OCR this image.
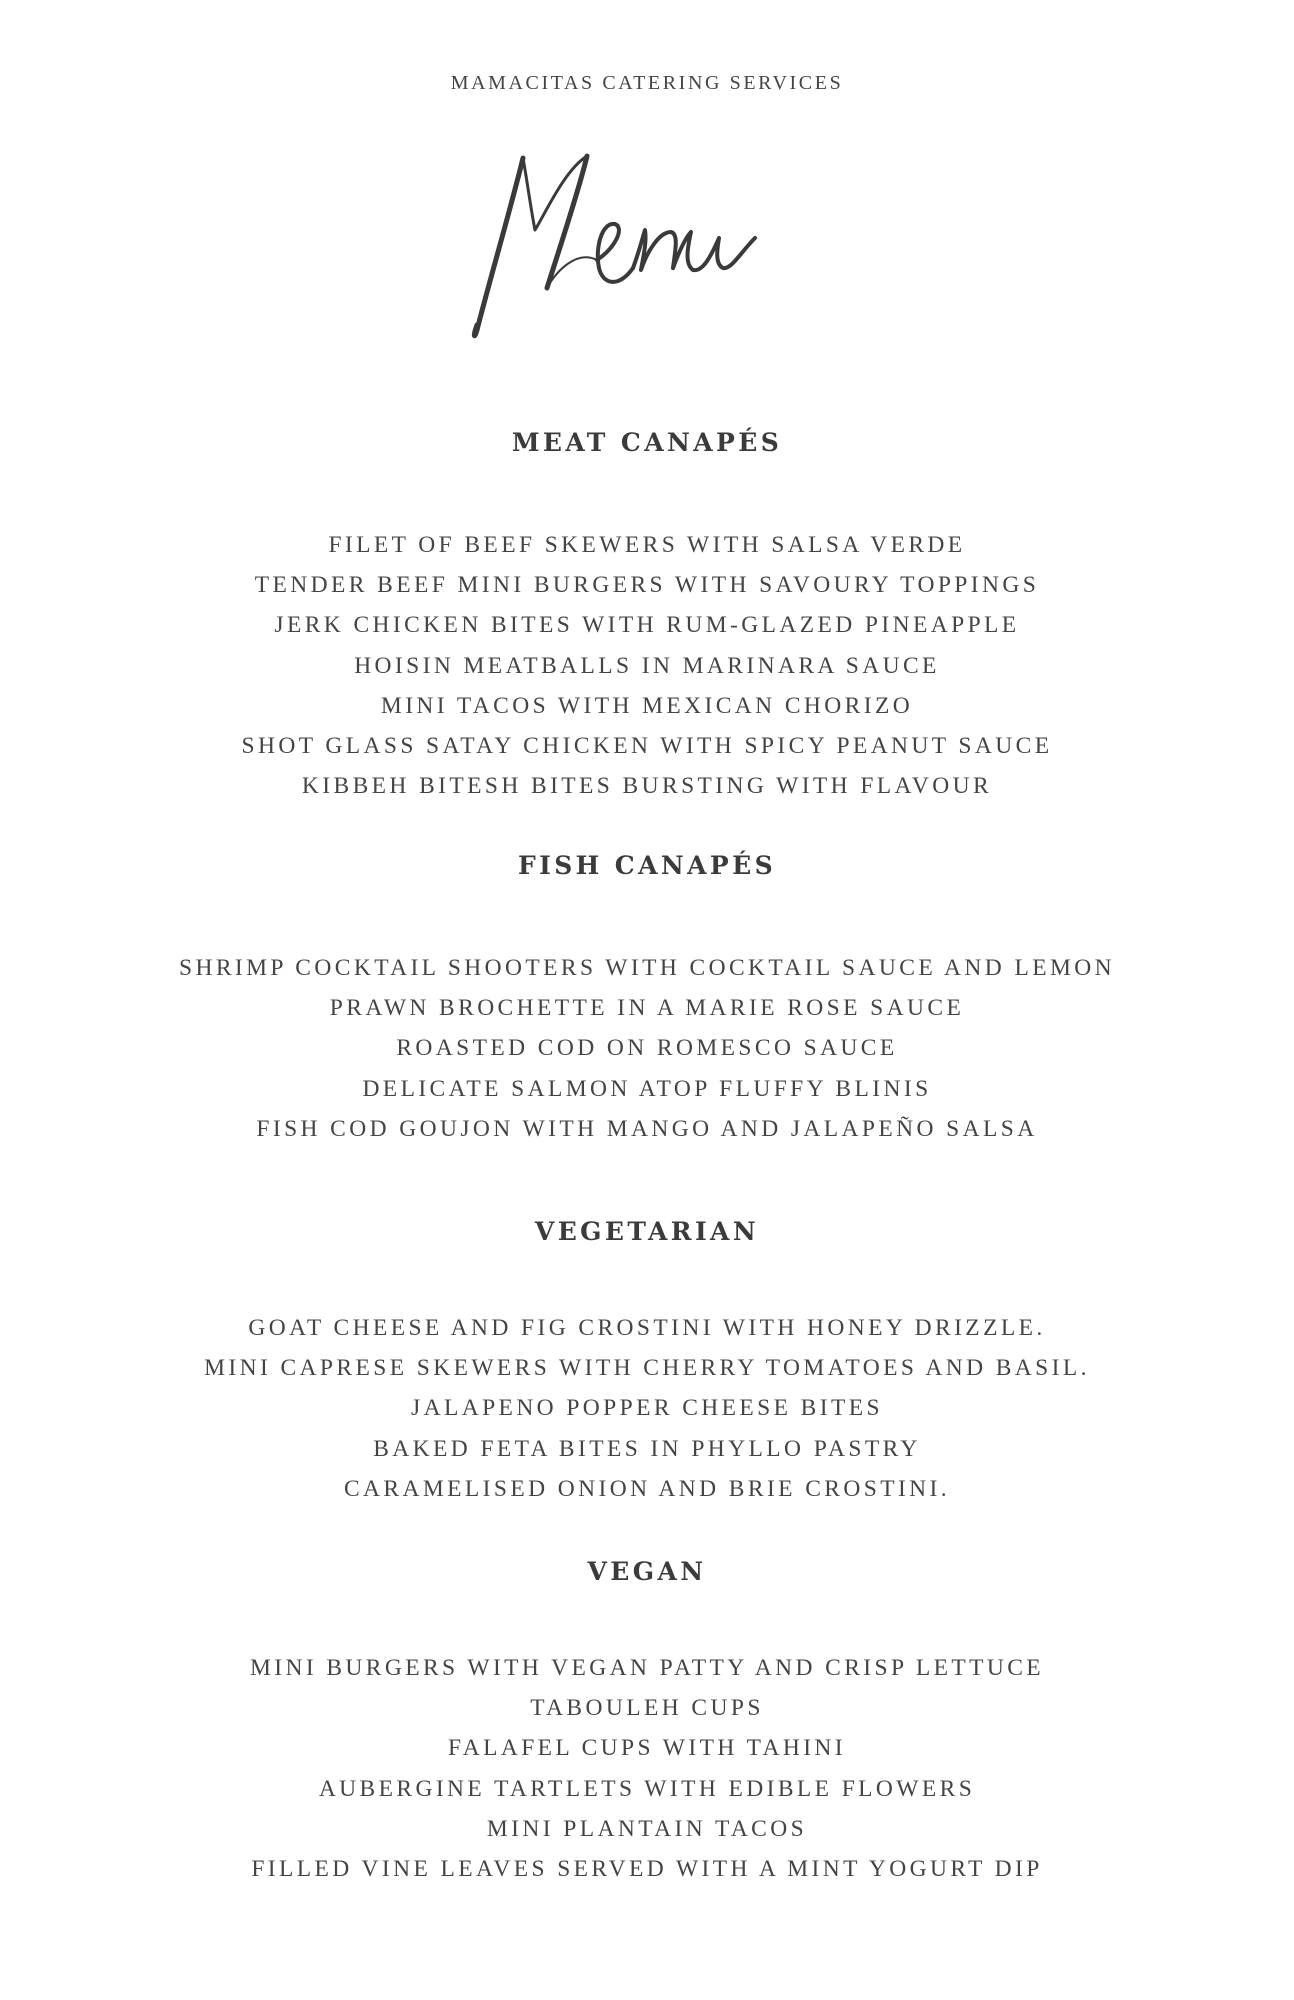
MAMACITAS CATERING SERVICES
MEAT CANAPÉS
FILET OF BEEF SKEWERS WITH SALSA VERDE
TENDER BEEF MINI BURGERS WITH SAVOURY TOPPINGS
JERK CHICKEN BITES WITH RUM-GLAZED PINEAPPLE
HOISIN MEATBALLS IN MARINARA SAUCE
MINI TACOS WITH MEXICAN CHORIZO
SHOT GLASS SATAY CHICKEN WITH SPICY PEANUT SAUCE
KIBBEH BITESH BITES BURSTING WITH FLAVOUR
FISH CANAPÉS
SHRIMP COCKTAIL SHOOTERS WITH COCKTAIL SAUCE AND LEMON
PRAWN BROCHETTE IN A MARIE ROSE SAUCE
ROASTED COD ON ROMESCO SAUCE
DELICATE SALMON ATOP FLUFFY BLINIS
FISH COD GOUJON WITH MANGO AND JALAPEÑO SALSA
VEGETARIAN
GOAT CHEESE AND FIG CROSTINI WITH HONEY DRIZZLE.
MINI CAPRESE SKEWERS WITH CHERRY TOMATOES AND BASIL.
JALAPENO POPPER CHEESE BITES
BAKED FETA BITES IN PHYLLO PASTRY
CARAMELISED ONION AND BRIE CROSTINI.
VEGAN
MINI BURGERS WITH VEGAN PATTY AND CRISP LETTUCE
TABOULEH CUPS
FALAFEL CUPS WITH TAHINI
AUBERGINE TARTLETS WITH EDIBLE FLOWERS
MINI PLANTAIN TACOS
FILLED VINE LEAVES SERVED WITH A MINT YOGURT DIP
